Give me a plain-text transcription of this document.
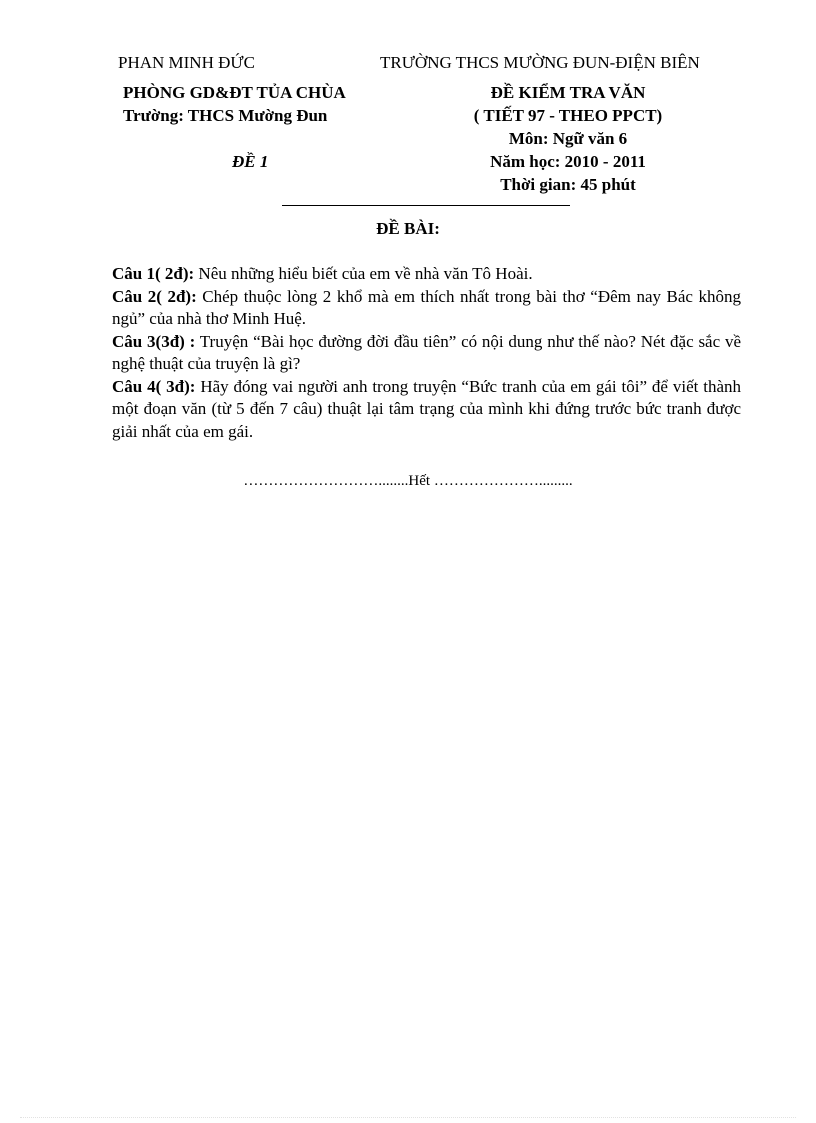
PHAN MINH ĐỨC	TRƯỜNG THCS MƯỜNG ĐUN-ĐIỆN BIÊN
PHÒNG GD&ĐT TỦA CHÙA
Trường: THCS Mường Đun
ĐỀ 1
ĐỀ KIỂM TRA VĂN
( TIẾT 97 - THEO PPCT)
Môn: Ngữ văn 6
Năm học: 2010 - 2011
Thời gian: 45 phút
ĐỀ BÀI:

Câu 1( 2đ): Nêu những hiểu biết của em về nhà văn Tô Hoài.

Câu 2( 2đ): Chép thuộc lòng 2 khổ mà em thích nhất trong bài thơ “Đêm nay Bác không ngủ” của nhà thơ Minh Huệ.

Câu 3(3đ) : Truyện “Bài học đường đời đầu tiên” có nội dung như thế nào? Nét đặc sắc về nghệ thuật của truyện là gì?

Câu 4( 3đ): Hãy đóng vai người anh trong truyện “Bức tranh của em gái tôi” để viết thành một đoạn văn (từ 5 đến 7 câu) thuật lại tâm trạng của mình khi đứng trước bức tranh được giải nhất của em gái.

………………………........Hết ………………….........
